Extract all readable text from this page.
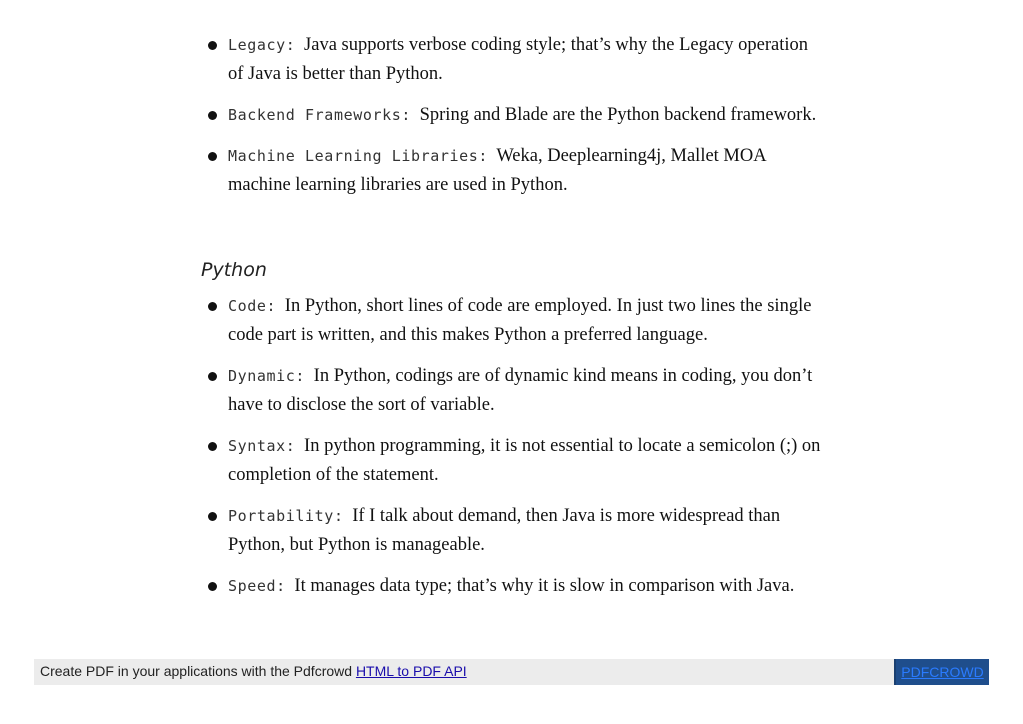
Legacy: Java supports verbose coding style; that’s why the Legacy operation of Java is better than Python.
Backend Frameworks: Spring and Blade are the Python backend framework.
Machine Learning Libraries: Weka, Deeplearning4j, Mallet MOA machine learning libraries are used in Python.
Python
Code: In Python, short lines of code are employed. In just two lines the single code part is written, and this makes Python a preferred language.
Dynamic: In Python, codings are of dynamic kind means in coding, you don’t have to disclose the sort of variable.
Syntax: In python programming, it is not essential to locate a semicolon (;) on completion of the statement.
Portability: If I talk about demand, then Java is more widespread than Python, but Python is manageable.
Speed: It manages data type; that’s why it is slow in comparison with Java.
Create PDF in your applications with the Pdfcrowd HTML to PDF API	PDFCROWD
